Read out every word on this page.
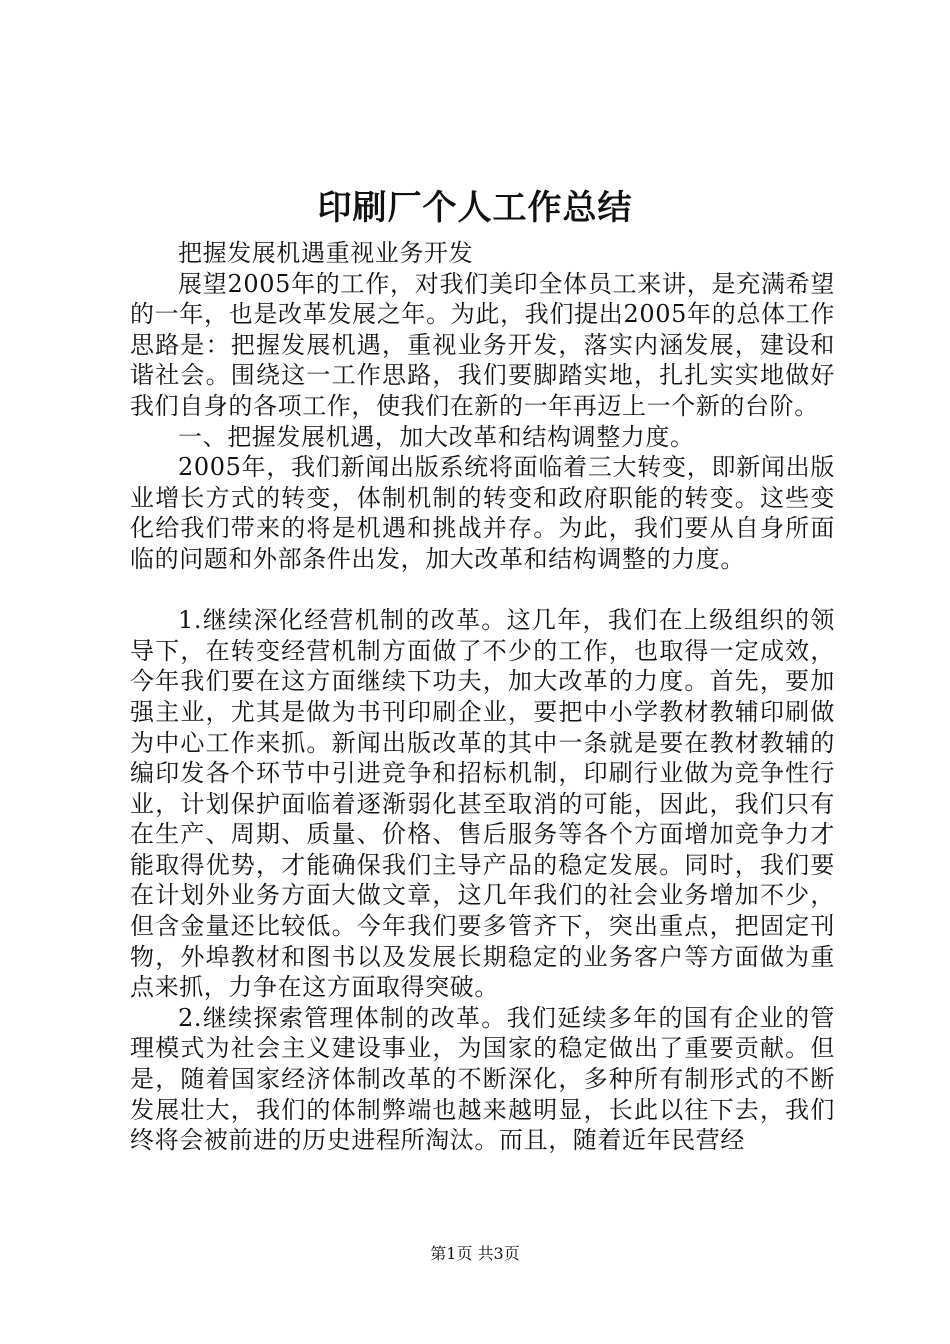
印刷厂个人工作总结

把握发展机遇重视业务开发

展望2005年的工作，对我们美印全体员工来讲，是充满希望的一年，也是改革发展之年。为此，我们提出2005年的总体工作思路是：把握发展机遇，重视业务开发，落实内涵发展，建设和谐社会。围绕这一工作思路，我们要脚踏实地，扎扎实实地做好我们自身的各项工作，使我们在新的一年再迈上一个新的台阶。

一、把握发展机遇，加大改革和结构调整力度。

2005年，我们新闻出版系统将面临着三大转变，即新闻出版业增长方式的转变，体制机制的转变和政府职能的转变。这些变化给我们带来的将是机遇和挑战并存。为此，我们要从自身所面临的问题和外部条件出发，加大改革和结构调整的力度。

1.继续深化经营机制的改革。这几年，我们在上级组织的领导下，在转变经营机制方面做了不少的工作，也取得一定成效，今年我们要在这方面继续下功夫，加大改革的力度。首先，要加强主业，尤其是做为书刊印刷企业，要把中小学教材教辅印刷做为中心工作来抓。新闻出版改革的其中一条就是要在教材教辅的编印发各个环节中引进竞争和招标机制，印刷行业做为竞争性行业，计划保护面临着逐渐弱化甚至取消的可能，因此，我们只有在生产、周期、质量、价格、售后服务等各个方面增加竞争力才能取得优势，才能确保我们主导产品的稳定发展。同时，我们要在计划外业务方面大做文章，这几年我们的社会业务增加不少，但含金量还比较低。今年我们要多管齐下，突出重点，把固定刊物，外埠教材和图书以及发展长期稳定的业务客户等方面做为重点来抓，力争在这方面取得突破。

2.继续探索管理体制的改革。我们延续多年的国有企业的管理模式为社会主义建设事业，为国家的稳定做出了重要贡献。但是，随着国家经济体制改革的不断深化，多种所有制形式的不断发展壮大，我们的体制弊端也越来越明显，长此以往下去，我们终将会被前进的历史进程所淘汰。而且，随着近年民营经

第1页 共3页
